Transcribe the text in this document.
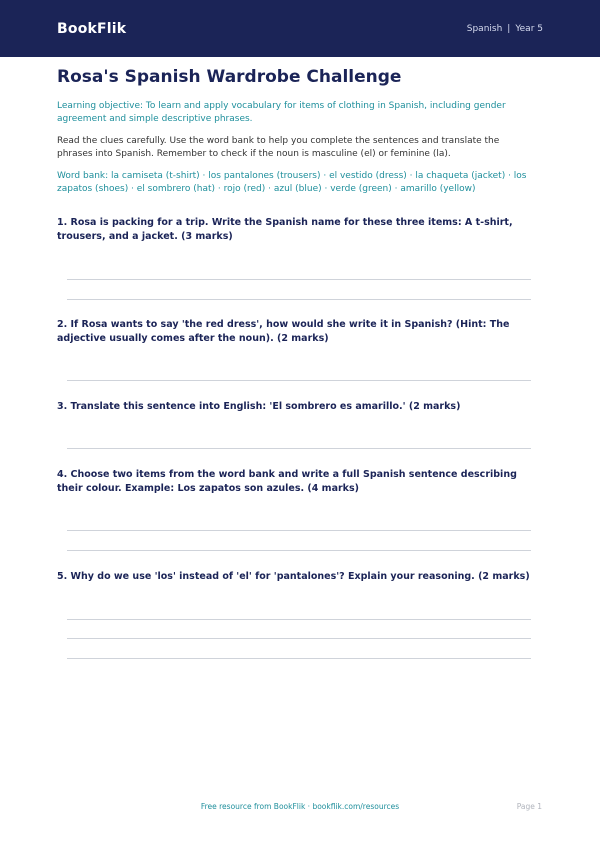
BookFlik	Spanish | Year 5
Rosa's Spanish Wardrobe Challenge

Learning objective: To learn and apply vocabulary for items of clothing in Spanish, including gender agreement and simple descriptive phrases.

Read the clues carefully. Use the word bank to help you complete the sentences and translate the phrases into Spanish. Remember to check if the noun is masculine (el) or feminine (la).

Word bank: la camiseta (t-shirt) · los pantalones (trousers) · el vestido (dress) · la chaqueta (jacket) · los zapatos (shoes) · el sombrero (hat) · rojo (red) · azul (blue) · verde (green) · amarillo (yellow)

1. Rosa is packing for a trip. Write the Spanish name for these three items: A t-shirt, trousers, and a jacket. (3 marks)

2. If Rosa wants to say 'the red dress', how would she write it in Spanish? (Hint: The adjective usually comes after the noun). (2 marks)

3. Translate this sentence into English: 'El sombrero es amarillo.' (2 marks)

4. Choose two items from the word bank and write a full Spanish sentence describing their colour. Example: Los zapatos son azules. (4 marks)

5. Why do we use 'los' instead of 'el' for 'pantalones'? Explain your reasoning. (2 marks)

Free resource from BookFlik · bookflik.com/resources	Page 1
